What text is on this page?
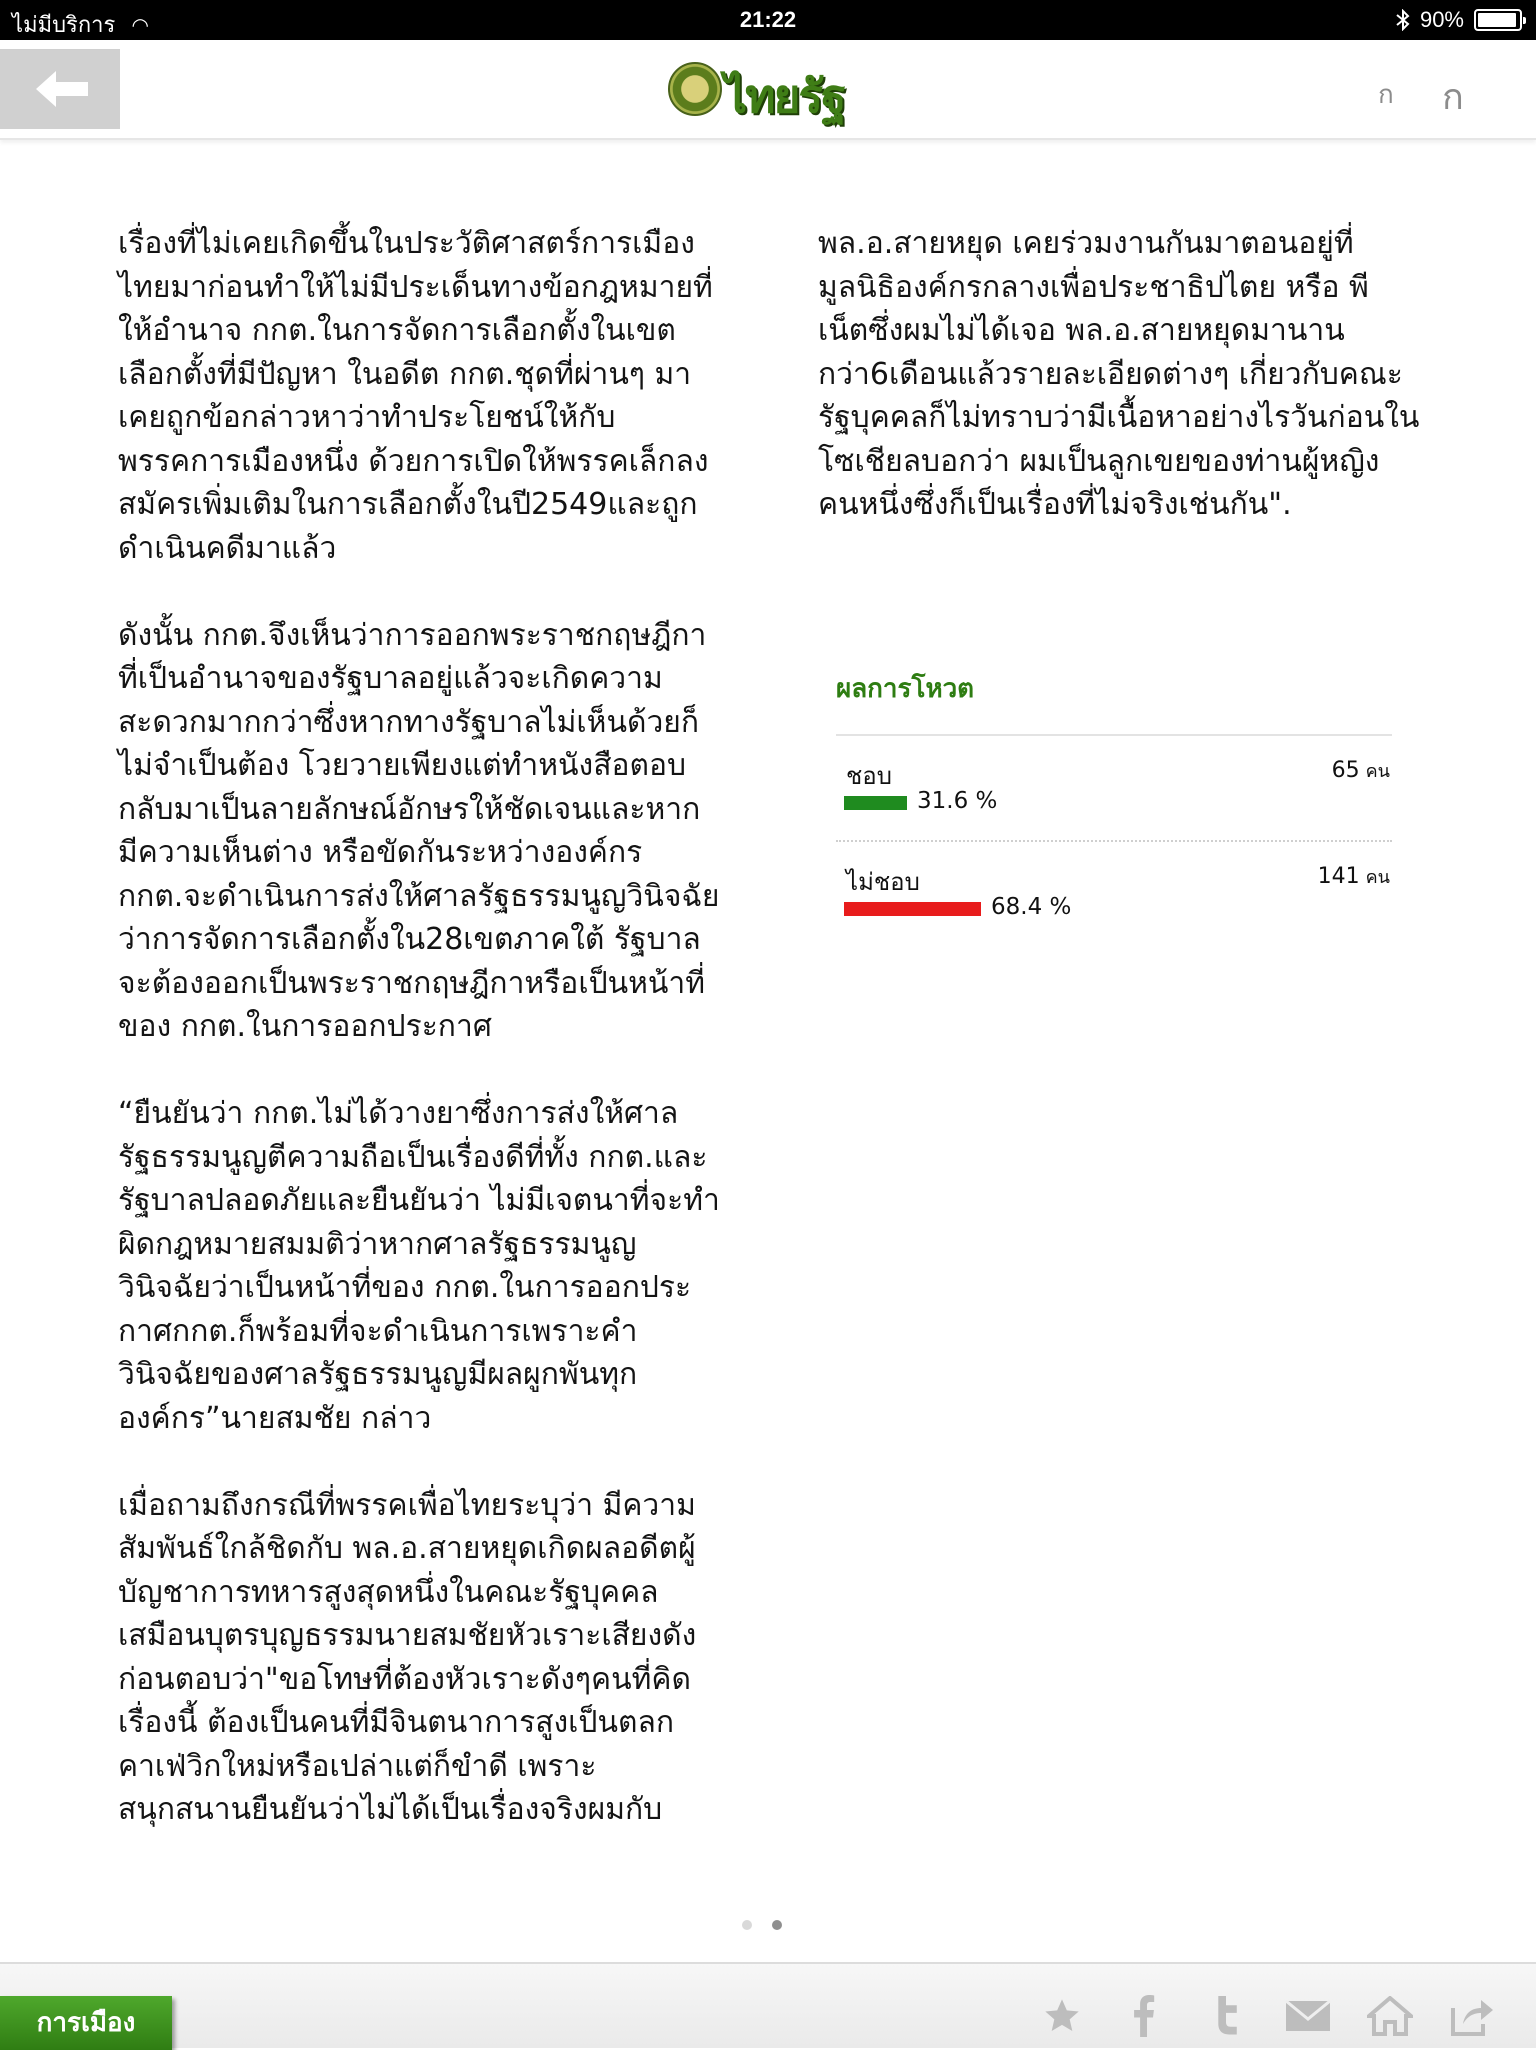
ไม่มีบริการ ◠	21:22	90%
ไทยรัฐ	ก ก

เรื่องที่ไม่เคยเกิดขึ้นในประวัติศาสตร์การเมือง
ไทยมาก่อนทำให้ไม่มีประเด็นทางข้อกฎหมายที่
ให้อำนาจ กกต.ในการจัดการเลือกตั้งในเขต
เลือกตั้งที่มีปัญหา ในอดีต กกต.ชุดที่ผ่านๆ มา
เคยถูกข้อกล่าวหาว่าทำประโยชน์ให้กับ
พรรคการเมืองหนึ่ง ด้วยการเปิดให้พรรคเล็กลง
สมัครเพิ่มเติมในการเลือกตั้งในปี2549และถูก
ดำเนินคดีมาแล้ว

ดังนั้น กกต.จึงเห็นว่าการออกพระราชกฤษฎีกา
ที่เป็นอำนาจของรัฐบาลอยู่แล้วจะเกิดความ
สะดวกมากกว่าซึ่งหากทางรัฐบาลไม่เห็นด้วยก็
ไม่จำเป็นต้อง โวยวายเพียงแต่ทำหนังสือตอบ
กลับมาเป็นลายลักษณ์อักษรให้ชัดเจนและหาก
มีความเห็นต่าง หรือขัดกันระหว่างองค์กร
กกต.จะดำเนินการส่งให้ศาลรัฐธรรมนูญวินิจฉัย
ว่าการจัดการเลือกตั้งใน28เขตภาคใต้ รัฐบาล
จะต้องออกเป็นพระราชกฤษฎีกาหรือเป็นหน้าที่
ของ กกต.ในการออกประกาศ

“ยืนยันว่า กกต.ไม่ได้วางยาซึ่งการส่งให้ศาล
รัฐธรรมนูญตีความถือเป็นเรื่องดีที่ทั้ง กกต.และ
รัฐบาลปลอดภัยและยืนยันว่า ไม่มีเจตนาที่จะทำ
ผิดกฎหมายสมมติว่าหากศาลรัฐธรรมนูญ
วินิจฉัยว่าเป็นหน้าที่ของ กกต.ในการออกประ
กาศกกต.ก็พร้อมที่จะดำเนินการเพราะคำ
วินิจฉัยของศาลรัฐธรรมนูญมีผลผูกพันทุก
องค์กร”นายสมชัย กล่าว

เมื่อถามถึงกรณีที่พรรคเพื่อไทยระบุว่า มีความ
สัมพันธ์ใกล้ชิดกับ พล.อ.สายหยุดเกิดผลอดีตผู้
บัญชาการทหารสูงสุดหนึ่งในคณะรัฐบุคคล
เสมือนบุตรบุญธรรมนายสมชัยหัวเราะเสียงดัง
ก่อนตอบว่า"ขอโทษที่ต้องหัวเราะดังๆคนที่คิด
เรื่องนี้ ต้องเป็นคนที่มีจินตนาการสูงเป็นตลก
คาเฟ่วิกใหม่หรือเปล่าแต่ก็ขำดี เพราะ
สนุกสนานยืนยันว่าไม่ได้เป็นเรื่องจริงผมกับ

พล.อ.สายหยุด เคยร่วมงานกันมาตอนอยู่ที่
มูลนิธิองค์กรกลางเพื่อประชาธิปไตย หรือ พี
เน็ตซึ่งผมไม่ได้เจอ พล.อ.สายหยุดมานาน
กว่า6เดือนแล้วรายละเอียดต่างๆ เกี่ยวกับคณะ
รัฐบุคคลก็ไม่ทราบว่ามีเนื้อหาอย่างไรวันก่อนใน
โซเชียลบอกว่า ผมเป็นลูกเขยของท่านผู้หญิง
คนหนึ่งซึ่งก็เป็นเรื่องที่ไม่จริงเช่นกัน".

ผลการโหวต
ชอบ	65 คน
31.6 %
ไม่ชอบ	141 คน
68.4 %
การเมือง
